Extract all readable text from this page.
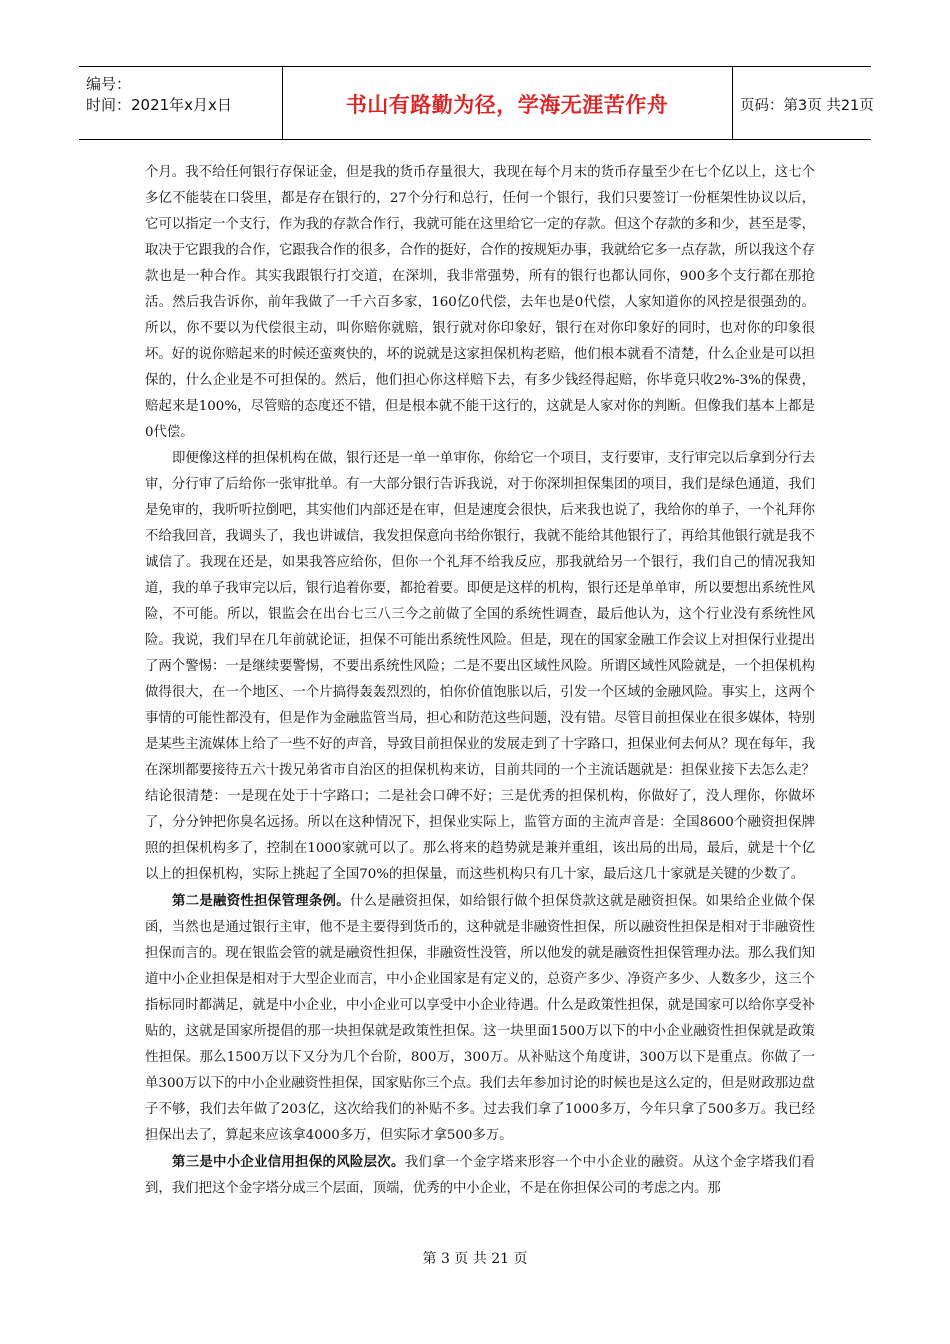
编号：
时间：2021年x月x日	书山有路勤为径，学海无涯苦作舟	页码：第3页 共21页

个月。我不给任何银行存保证金，但是我的货币存量很大，我现在每个月末的货币存量至少在七个亿以上，这七个多亿不能装在口袋里，都是存在银行的，27个分行和总行，任何一个银行，我们只要签订一份框架性协议以后，它可以指定一个支行，作为我的存款合作行，我就可能在这里给它一定的存款。但这个存款的多和少，甚至是零，取决于它跟我的合作，它跟我合作的很多，合作的挺好，合作的按规矩办事，我就给它多一点存款，所以我这个存款也是一种合作。其实我跟银行打交道，在深圳，我非常强势，所有的银行也都认同你，900多个支行都在那抢活。然后我告诉你，前年我做了一千六百多家，160亿0代偿，去年也是0代偿，人家知道你的风控是很强劲的。所以，你不要以为代偿很主动，叫你赔你就赔，银行就对你印象好，银行在对你印象好的同时，也对你的印象很坏。好的说你赔起来的时候还蛮爽快的，坏的说就是这家担保机构老赔，他们根本就看不清楚，什么企业是可以担保的，什么企业是不可担保的。然后，他们担心你这样赔下去，有多少钱经得起赔，你毕竟只收2%-3%的保费，赔起来是100%，尽管赔的态度还不错，但是根本就不能干这行的，这就是人家对你的判断。但像我们基本上都是0代偿。

即便像这样的担保机构在做，银行还是一单一单审你，你给它一个项目，支行要审，支行审完以后拿到分行去审，分行审了后给你一张审批单。有一大部分银行告诉我说，对于你深圳担保集团的项目，我们是绿色通道，我们是免审的，我听听拉倒吧，其实他们内部还是在审，但是速度会很快，后来我也说了，我给你的单子，一个礼拜你不给我回音，我调头了，我也讲诚信，我发担保意向书给你银行，我就不能给其他银行了，再给其他银行就是我不诚信了。我现在还是，如果我答应给你，但你一个礼拜不给我反应，那我就给另一个银行，我们自己的情况我知道，我的单子我审完以后，银行追着你要，都抢着要。即便是这样的机构，银行还是单单审，所以要想出系统性风险，不可能。所以，银监会在出台七三八三今之前做了全国的系统性调查，最后他认为，这个行业没有系统性风险。我说，我们早在几年前就论证，担保不可能出系统性风险。但是，现在的国家金融工作会议上对担保行业提出了两个警惕：一是继续要警惕，不要出系统性风险；二是不要出区域性风险。所谓区域性风险就是，一个担保机构做得很大，在一个地区、一个片搞得轰轰烈烈的，怕你价值饱胀以后，引发一个区域的金融风险。事实上，这两个事情的可能性都没有，但是作为金融监管当局，担心和防范这些问题，没有错。尽管目前担保业在很多媒体，特别是某些主流媒体上给了一些不好的声音，导致目前担保业的发展走到了十字路口，担保业何去何从？现在每年，我在深圳都要接待五六十拨兄弟省市自治区的担保机构来访，目前共同的一个主流话题就是：担保业接下去怎么走？结论很清楚：一是现在处于十字路口；二是社会口碑不好；三是优秀的担保机构，你做好了，没人理你，你做坏了，分分钟把你臭名远扬。所以在这种情况下，担保业实际上，监管方面的主流声音是：全国8600个融资担保牌照的担保机构多了，控制在1000家就可以了。那么将来的趋势就是兼并重组，该出局的出局，最后，就是十个亿以上的担保机构，实际上挑起了全国70%的担保量，而这些机构只有几十家，最后这几十家就是关键的少数了。

第二是融资性担保管理条例。什么是融资担保，如给银行做个担保贷款这就是融资担保。如果给企业做个保函，当然也是通过银行主审，他不是主要得到货币的，这种就是非融资性担保，所以融资性担保是相对于非融资性担保而言的。现在银监会管的就是融资性担保，非融资性没管，所以他发的就是融资性担保管理办法。那么我们知道中小企业担保是相对于大型企业而言，中小企业国家是有定义的，总资产多少、净资产多少、人数多少，这三个指标同时都满足，就是中小企业，中小企业可以享受中小企业待遇。什么是政策性担保，就是国家可以给你享受补贴的，这就是国家所提倡的那一块担保就是政策性担保。这一块里面1500万以下的中小企业融资性担保就是政策性担保。那么1500万以下又分为几个台阶，800万，300万。从补贴这个角度讲，300万以下是重点。你做了一单300万以下的中小企业融资性担保，国家贴你三个点。我们去年参加讨论的时候也是这么定的，但是财政那边盘子不够，我们去年做了203亿，这次给我们的补贴不多。过去我们拿了1000多万，今年只拿了500多万。我已经担保出去了，算起来应该拿4000多万，但实际才拿500多万。

第三是中小企业信用担保的风险层次。我们拿一个金字塔来形容一个中小企业的融资。从这个金字塔我们看到，我们把这个金字塔分成三个层面，顶端，优秀的中小企业，不是在你担保公司的考虑之内。那

第 3 页 共 21 页
